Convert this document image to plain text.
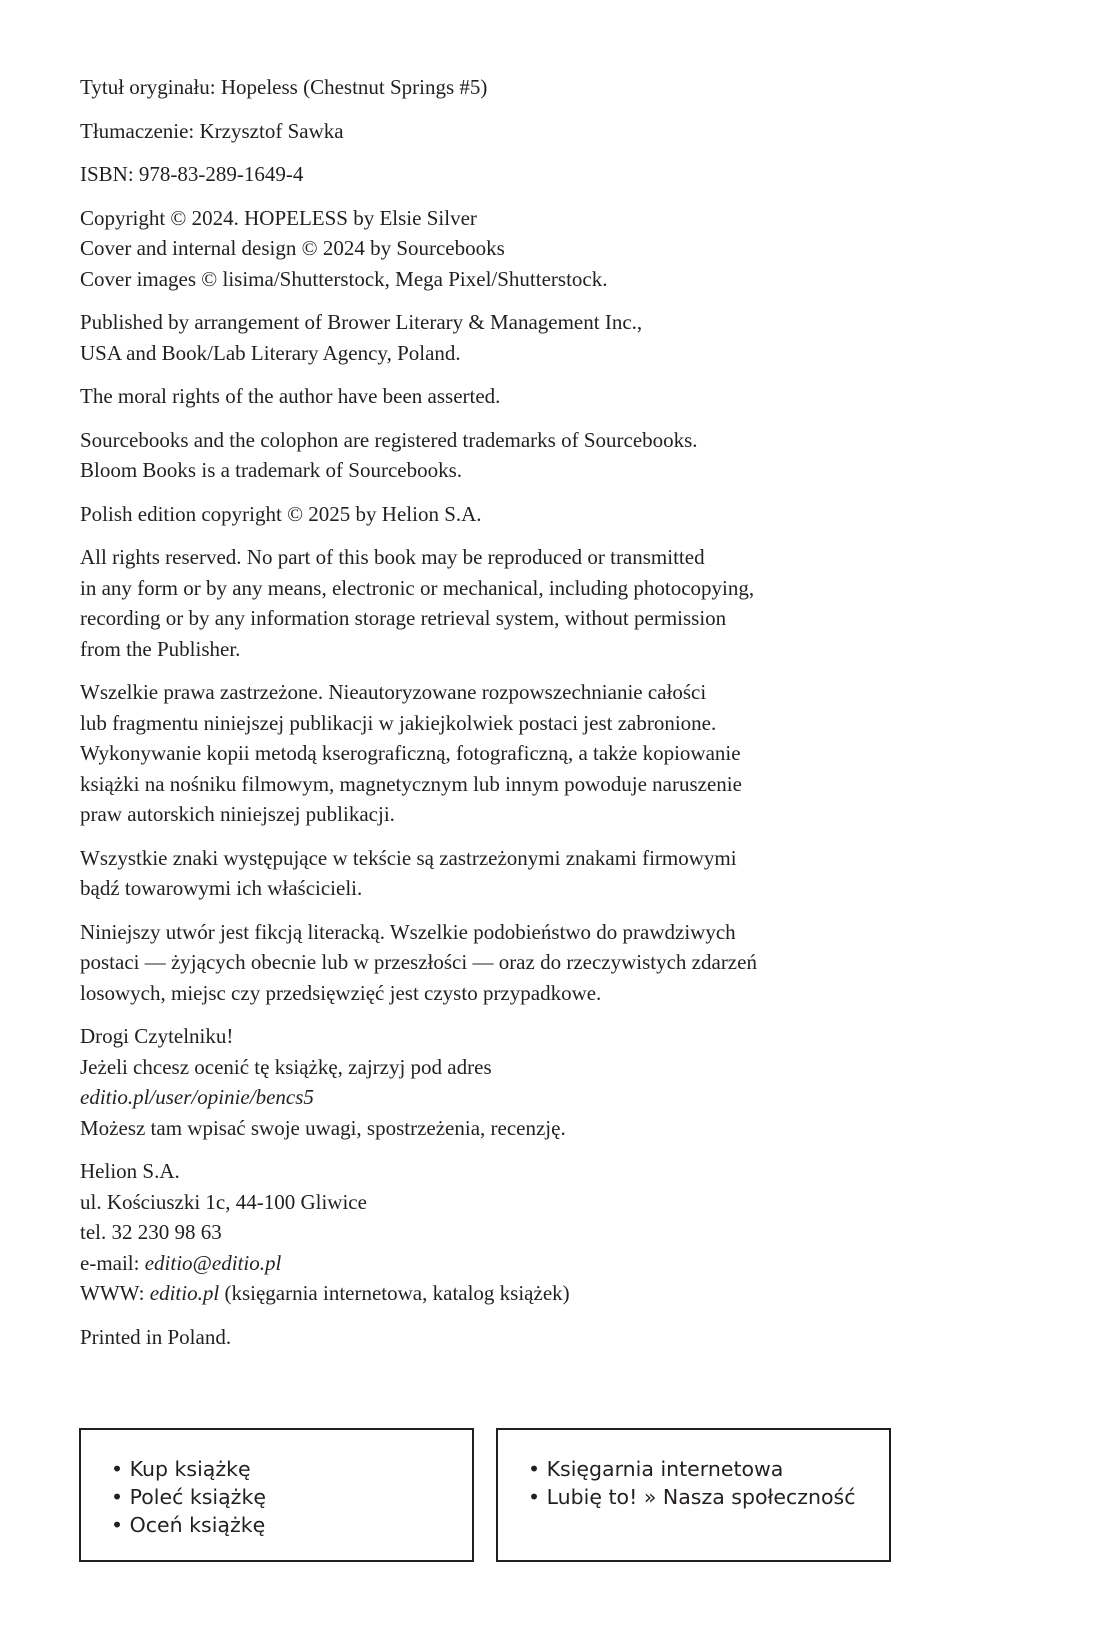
Tytuł oryginału: Hopeless (Chestnut Springs #5)

Tłumaczenie: Krzysztof Sawka

ISBN: 978-83-289-1649-4

Copyright © 2024. HOPELESS by Elsie Silver
Cover and internal design © 2024 by Sourcebooks
Cover images © lisima/Shutterstock, Mega Pixel/Shutterstock.

Published by arrangement of Brower Literary & Management Inc.,
USA and Book/Lab Literary Agency, Poland.

The moral rights of the author have been asserted.

Sourcebooks and the colophon are registered trademarks of Sourcebooks.
Bloom Books is a trademark of Sourcebooks.

Polish edition copyright © 2025 by Helion S.A.

All rights reserved. No part of this book may be reproduced or transmitted
in any form or by any means, electronic or mechanical, including photocopying,
recording or by any information storage retrieval system, without permission
from the Publisher.

Wszelkie prawa zastrzeżone. Nieautoryzowane rozpowszechnianie całości
lub fragmentu niniejszej publikacji w jakiejkolwiek postaci jest zabronione.
Wykonywanie kopii metodą kserograficzną, fotograficzną, a także kopiowanie
książki na nośniku filmowym, magnetycznym lub innym powoduje naruszenie
praw autorskich niniejszej publikacji.

Wszystkie znaki występujące w tekście są zastrzeżonymi znakami firmowymi
bądź towarowymi ich właścicieli.

Niniejszy utwór jest fikcją literacką. Wszelkie podobieństwo do prawdziwych
postaci — żyjących obecnie lub w przeszłości — oraz do rzeczywistych zdarzeń
losowych, miejsc czy przedsięwzięć jest czysto przypadkowe.

Drogi Czytelniku!
Jeżeli chcesz ocenić tę książkę, zajrzyj pod adres
editio.pl/user/opinie/bencs5
Możesz tam wpisać swoje uwagi, spostrzeżenia, recenzję.

Helion S.A.
ul. Kościuszki 1c, 44-100 Gliwice
tel. 32 230 98 63
e-mail: editio@editio.pl
WWW: editio.pl (księgarnia internetowa, katalog książek)

Printed in Poland.

• Kup książkę
• Poleć książkę
• Oceń książkę
• Księgarnia internetowa
• Lubię to! » Nasza społeczność
